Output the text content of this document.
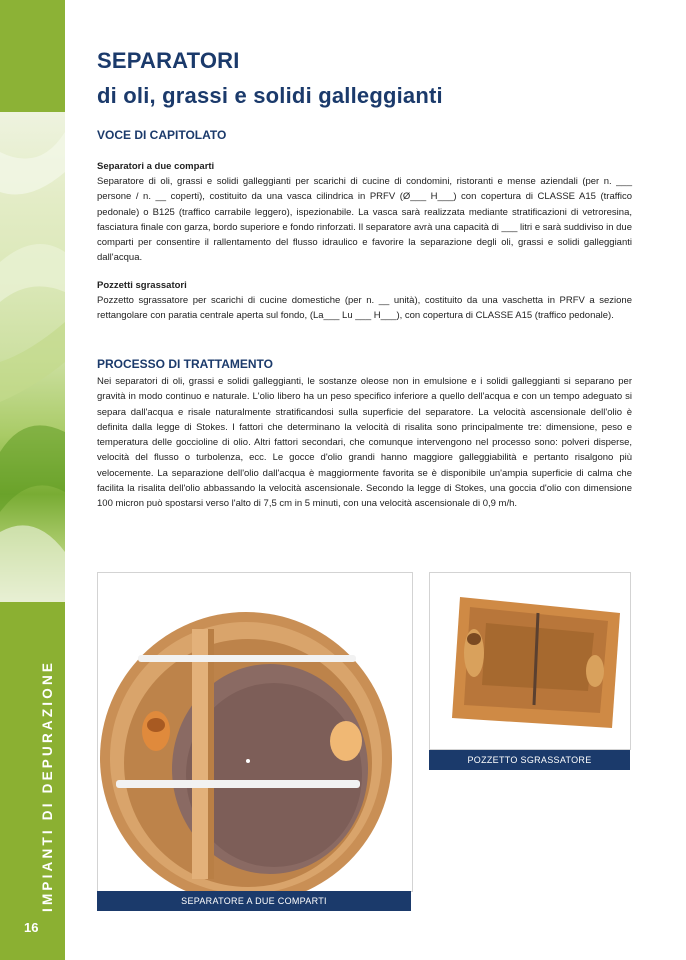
IMPIANTI DI DEPURAZIONE
16
SEPARATORI
di oli, grassi e solidi galleggianti
VOCE DI CAPITOLATO
Separatori a due comparti

Separatore di oli, grassi e solidi galleggianti per scarichi di cucine di condomini, ristoranti e mense aziendali (per n. ___ persone / n. __ coperti), costituito da una vasca cilindrica in PRFV (Ø___ H___) con copertura di CLASSE A15 (traffico pedonale) o B125 (traffico carrabile leggero), ispezionabile. La vasca sarà realizzata mediante stratificazioni di vetroresina, fasciatura finale con garza, bordo superiore e fondo rinforzati. Il separatore avrà una capacità di ___ litri e sarà suddiviso in due comparti per consentire il rallentamento del flusso idraulico e favorire la separazione degli oli, grassi e solidi galleggianti dall'acqua.

Pozzetti sgrassatori

Pozzetto sgrassatore per scarichi di cucine domestiche (per n. __ unità), costituito da una vaschetta in PRFV a sezione rettangolare con paratia centrale aperta sul fondo, (La___ Lu ___ H___), con copertura di CLASSE A15 (traffico pedonale).

PROCESSO DI TRATTAMENTO

Nei separatori di oli, grassi e solidi galleggianti, le sostanze oleose non in emulsione e i solidi galleggianti si separano per gravità in modo continuo e naturale. L'olio libero ha un peso specifico inferiore a quello dell'acqua e con un tempo adeguato si separa dall'acqua e risale naturalmente stratificandosi sulla superficie del separatore. La velocità ascensionale dell'olio è definita dalla legge di Stokes. I fattori che determinano la velocità di risalita sono principalmente tre: dimensione, peso e temperatura delle goccioline di olio. Altri fattori secondari, che comunque intervengono nel processo sono: polveri disperse, velocità del flusso o turbolenza, ecc. Le gocce d'olio grandi hanno maggiore galleggiabilità e pertanto risalgono più velocemente. La separazione dell'olio dall'acqua è maggiormente favorita se è disponibile un'ampia superficie di calma che facilita la risalita dell'olio abbassando la velocità ascensionale. Secondo la legge di Stokes, una goccia d'olio con dimensione 100 micron può spostarsi verso l'alto di 7,5 cm in 5 minuti, con una velocità ascensionale di 0,9 m/h.

SEPARATORE A DUE COMPARTI
POZZETTO SGRASSATORE
